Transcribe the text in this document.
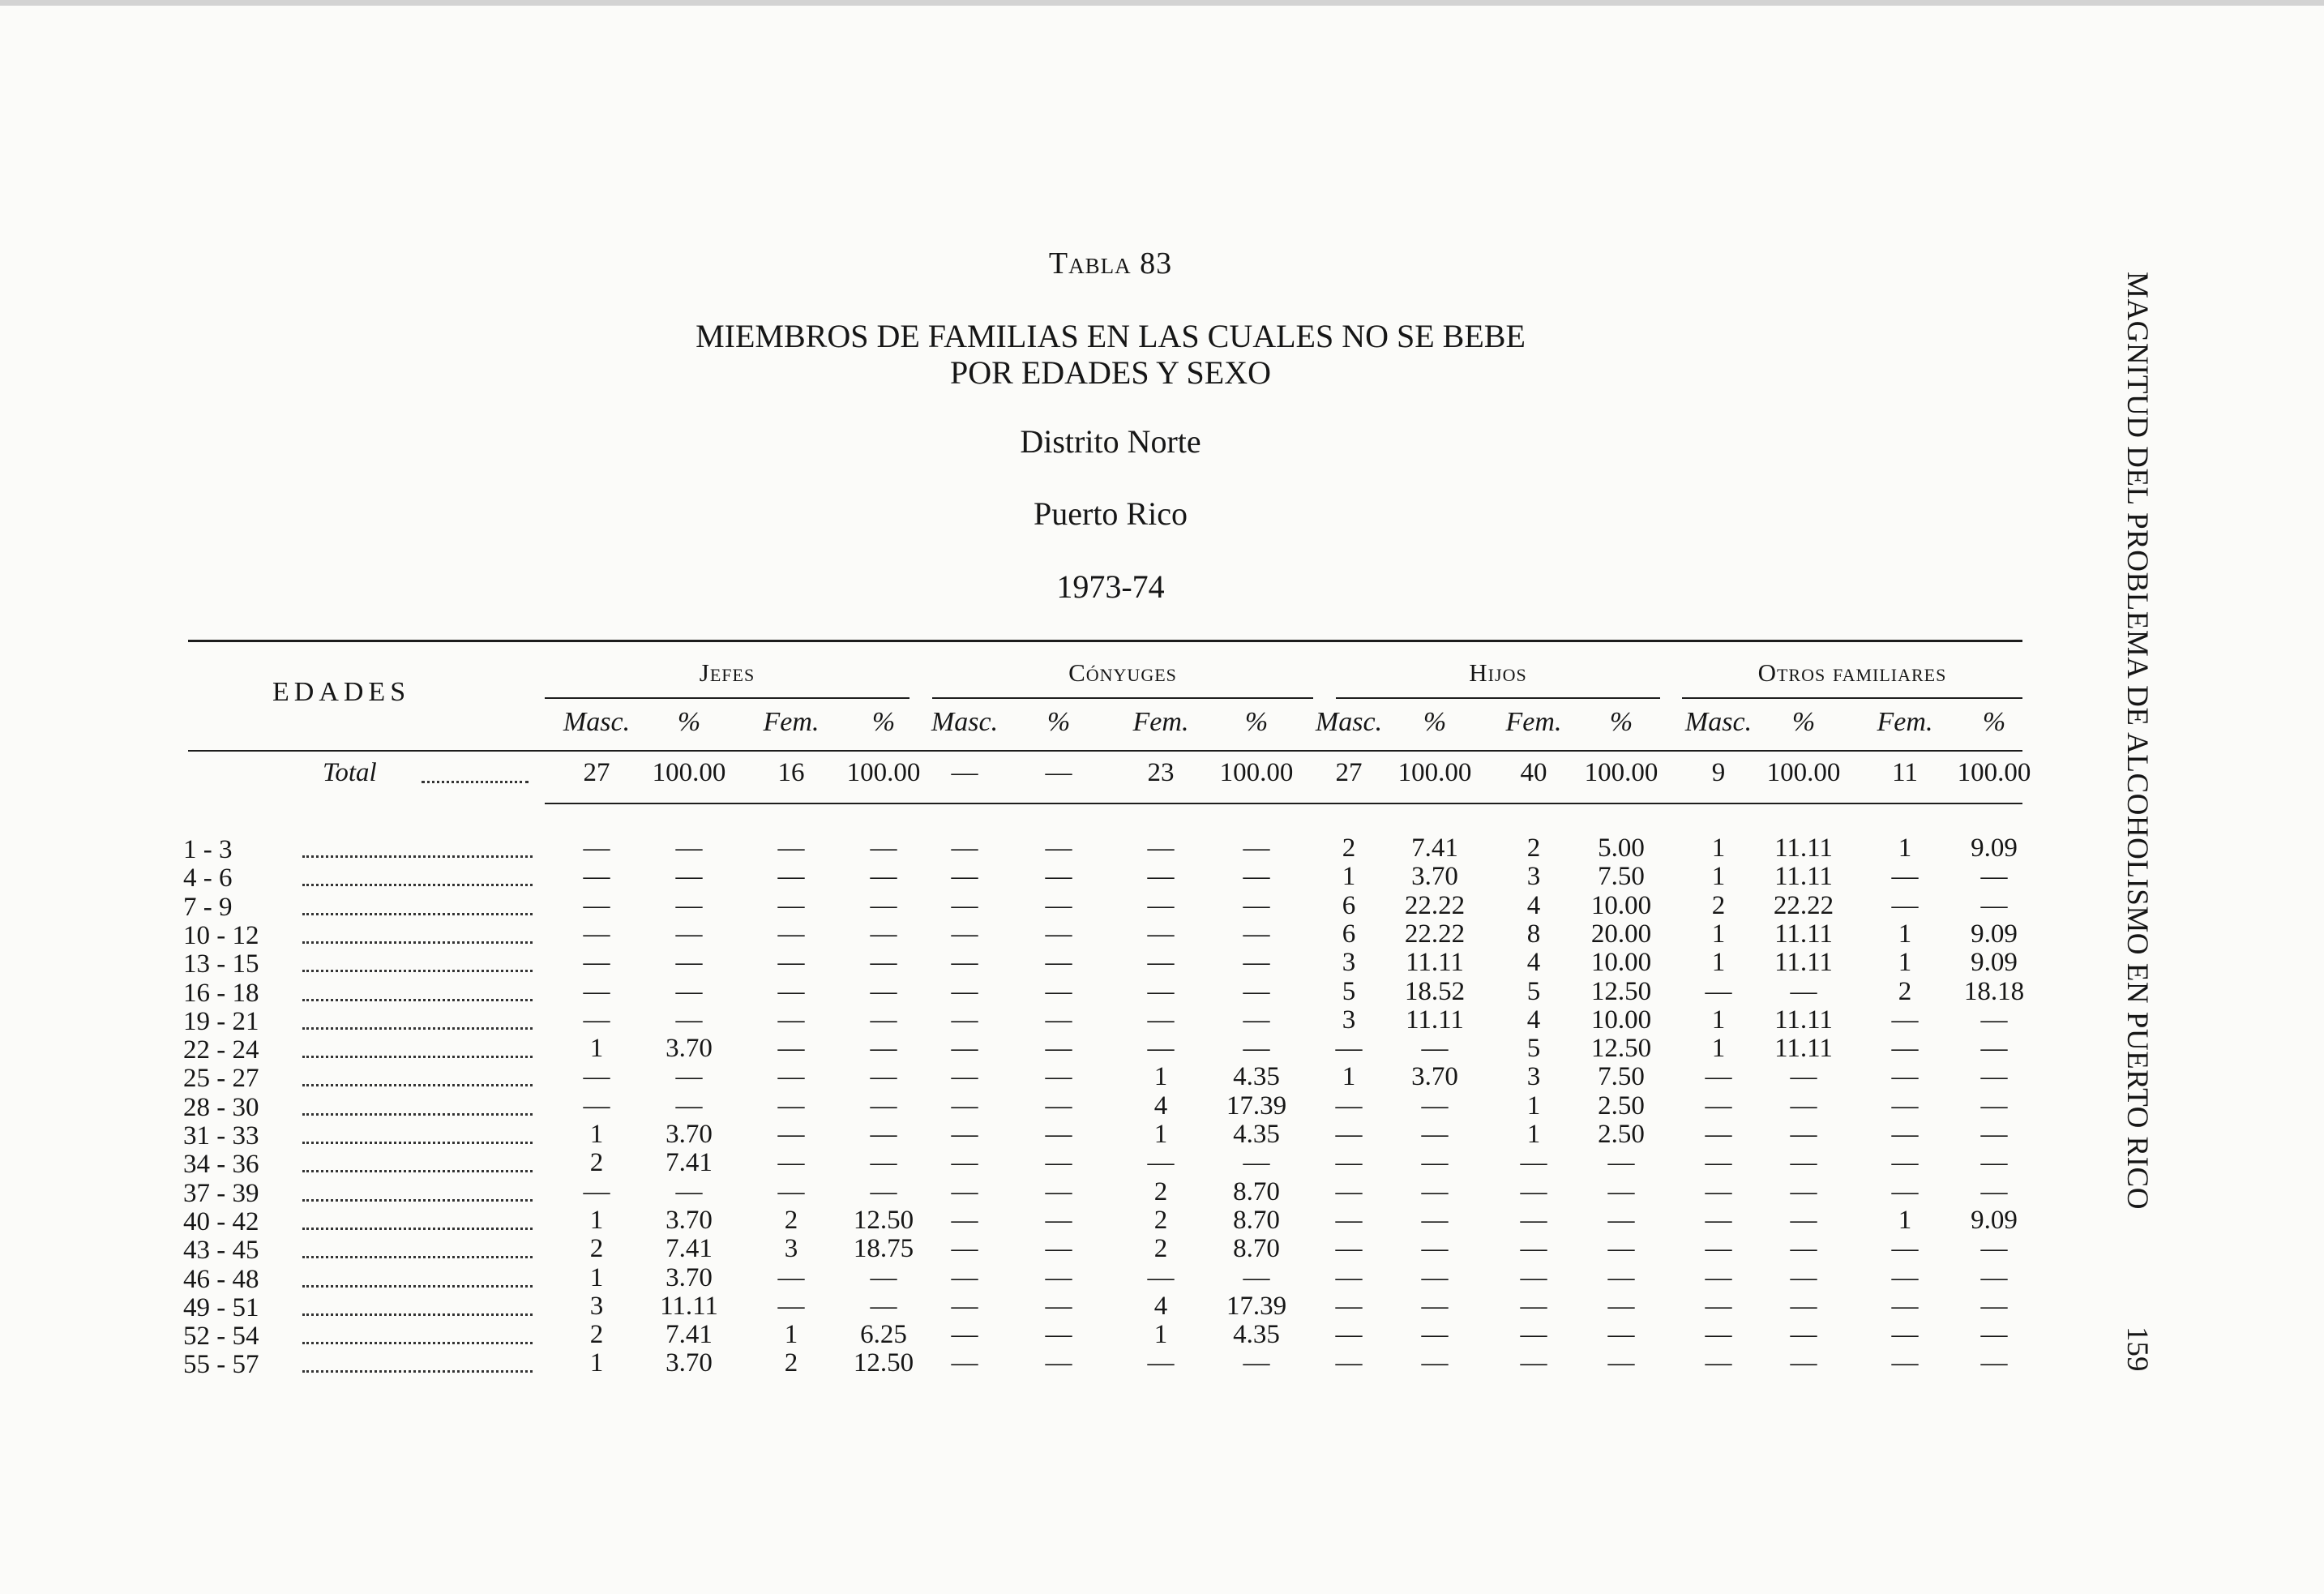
Tabla 83
MIEMBROS DE FAMILIAS EN LAS CUALES NO SE BEBE
POR EDADES Y SEXO
Distrito Norte
Puerto Rico
1973-74
EDADES
Jefes	Cónyuges	Hijos	Otros familiares
Masc.	%	Fem.	%	Masc.	%	Fem.	%	Masc.	%	Fem.	%	Masc.	%	Fem.	%
Total	27	100.00	16	100.00	—	—	23	100.00	27	100.00	40	100.00	9	100.00	11	100.00
1 - 3	—	—	—	—	—	—	—	—	2	7.41	2	5.00	1	11.11	1	9.09
4 - 6	—	—	—	—	—	—	—	—	1	3.70	3	7.50	1	11.11	—	—
7 - 9	—	—	—	—	—	—	—	—	6	22.22	4	10.00	2	22.22	—	—
10 - 12	—	—	—	—	—	—	—	—	6	22.22	8	20.00	1	11.11	1	9.09
13 - 15	—	—	—	—	—	—	—	—	3	11.11	4	10.00	1	11.11	1	9.09
16 - 18	—	—	—	—	—	—	—	—	5	18.52	5	12.50	—	—	2	18.18
19 - 21	—	—	—	—	—	—	—	—	3	11.11	4	10.00	1	11.11	—	—
22 - 24	1	3.70	—	—	—	—	—	—	—	—	5	12.50	1	11.11	—	—
25 - 27	—	—	—	—	—	—	1	4.35	1	3.70	3	7.50	—	—	—	—
28 - 30	—	—	—	—	—	—	4	17.39	—	—	1	2.50	—	—	—	—
31 - 33	1	3.70	—	—	—	—	1	4.35	—	—	1	2.50	—	—	—	—
34 - 36	2	7.41	—	—	—	—	—	—	—	—	—	—	—	—	—	—
37 - 39	—	—	—	—	—	—	2	8.70	—	—	—	—	—	—	—	—
40 - 42	1	3.70	2	12.50	—	—	2	8.70	—	—	—	—	—	—	1	9.09
43 - 45	2	7.41	3	18.75	—	—	2	8.70	—	—	—	—	—	—	—	—
46 - 48	1	3.70	—	—	—	—	—	—	—	—	—	—	—	—	—	—
49 - 51	3	11.11	—	—	—	—	4	17.39	—	—	—	—	—	—	—	—
52 - 54	2	7.41	1	6.25	—	—	1	4.35	—	—	—	—	—	—	—	—
55 - 57	1	3.70	2	12.50	—	—	—	—	—	—	—	—	—	—	—	—
MAGNITUD DEL PROBLEMA DE ALCOHOLISMO EN PUERTO RICO
159
